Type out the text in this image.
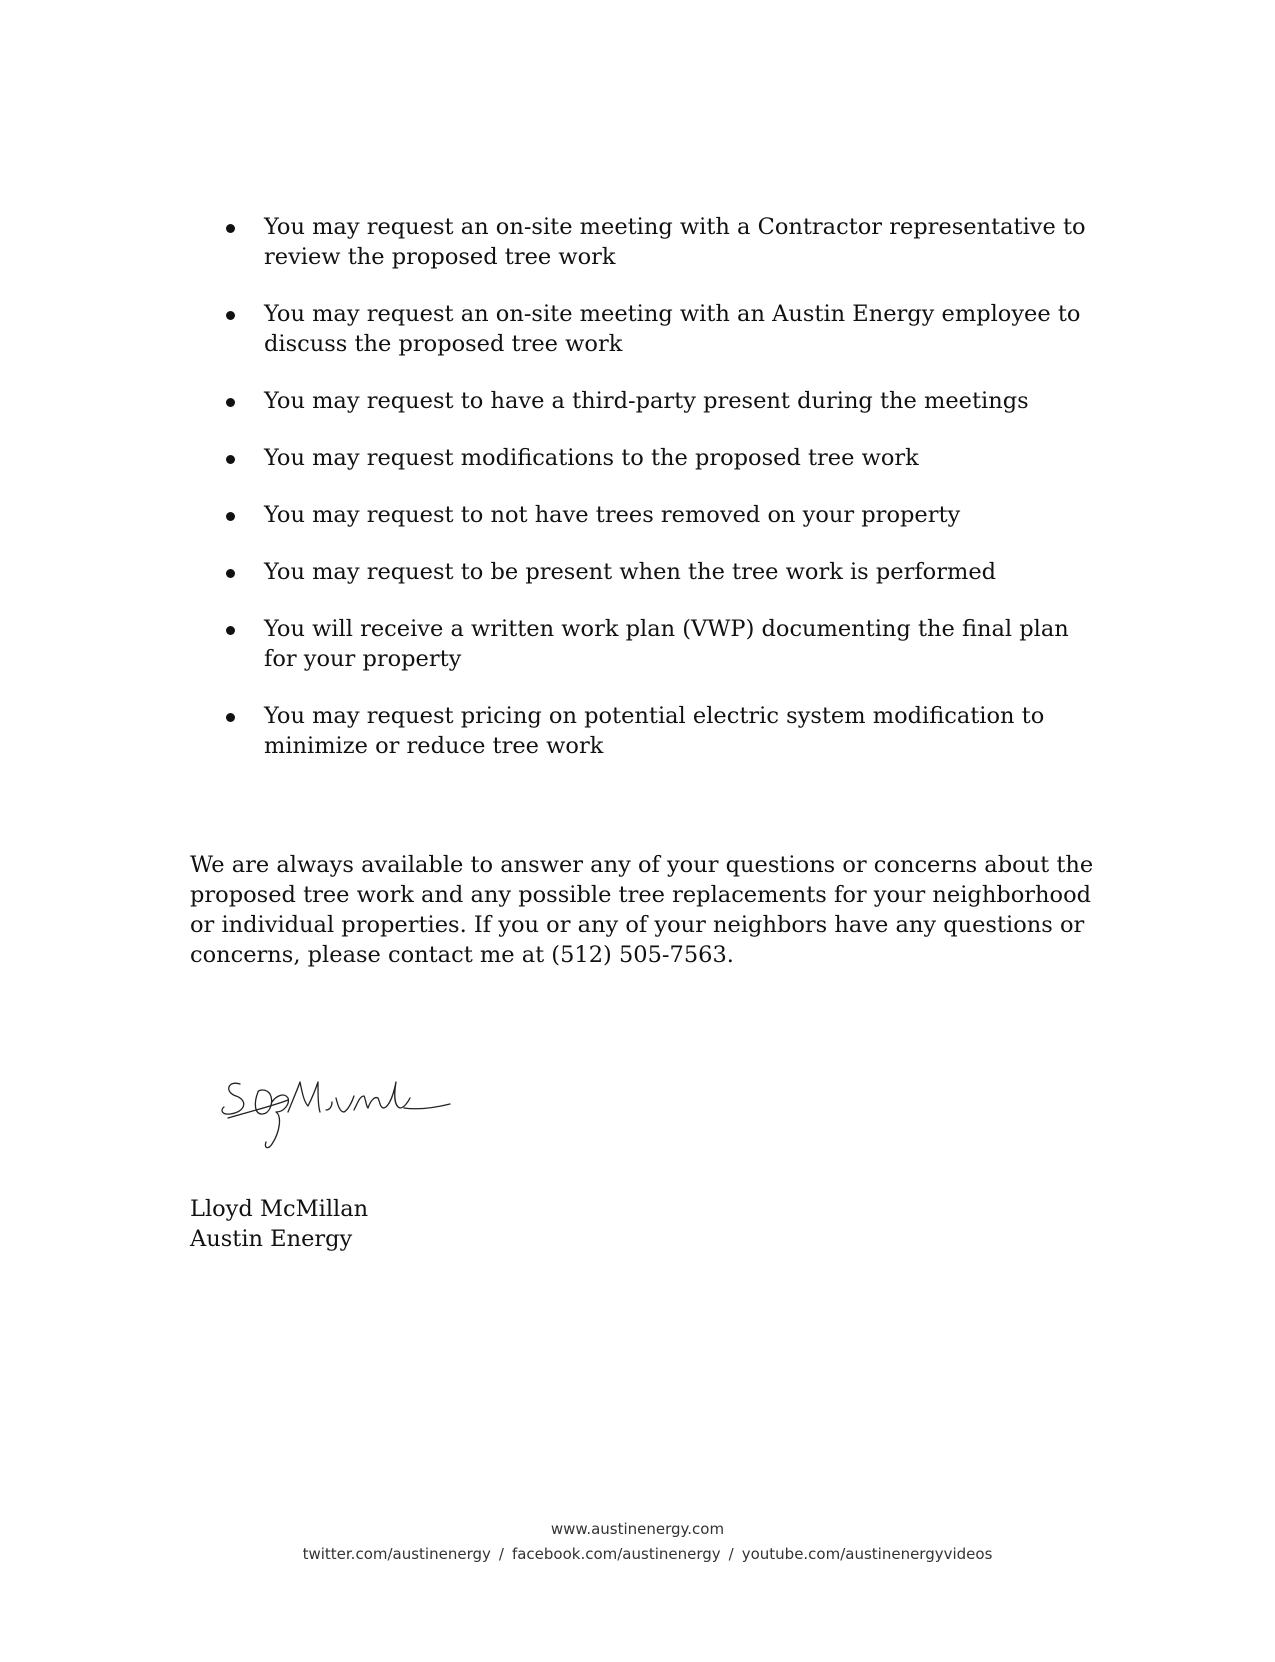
You may request an on-site meeting with a Contractor representative to review the proposed tree work
You may request an on-site meeting with an Austin Energy employee to discuss the proposed tree work
You may request to have a third-party present during the meetings
You may request modifications to the proposed tree work
You may request to not have trees removed on your property
You may request to be present when the tree work is performed
You will receive a written work plan (VWP) documenting the final plan for your property
You may request pricing on potential electric system modification to minimize or reduce tree work

We are always available to answer any of your questions or concerns about the proposed tree work and any possible tree replacements for your neighborhood or individual properties. If you or any of your neighbors have any questions or concerns, please contact me at (512) 505-7563.

Lloyd McMillan
Austin Energy
www.austinenergy.com
twitter.com/austinenergy / facebook.com/austinenergy / youtube.com/austinenergyvideos
